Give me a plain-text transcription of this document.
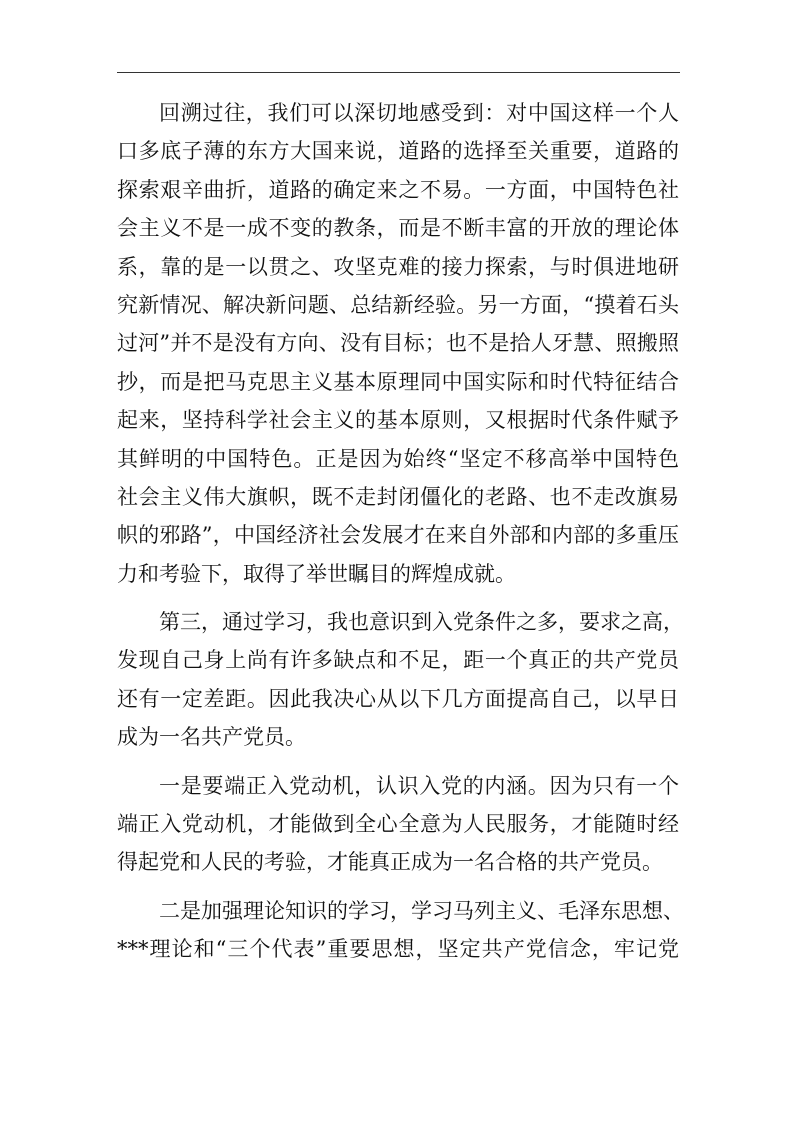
回溯过往，我们可以深切地感受到：对中国这样一个人
口多底子薄的东方大国来说，道路的选择至关重要，道路的
探索艰辛曲折，道路的确定来之不易。一方面，中国特色社
会主义不是一成不变的教条，而是不断丰富的开放的理论体
系，靠的是一以贯之、攻坚克难的接力探索，与时俱进地研
究新情况、解决新问题、总结新经验。另一方面，“摸着石头
过河”并不是没有方向、没有目标；也不是拾人牙慧、照搬照
抄，而是把马克思主义基本原理同中国实际和时代特征结合
起来，坚持科学社会主义的基本原则，又根据时代条件赋予
其鲜明的中国特色。正是因为始终“坚定不移高举中国特色
社会主义伟大旗帜，既不走封闭僵化的老路、也不走改旗易
帜的邪路”，中国经济社会发展才在来自外部和内部的多重压
力和考验下，取得了举世瞩目的辉煌成就。
第三，通过学习，我也意识到入党条件之多，要求之高，
发现自己身上尚有许多缺点和不足，距一个真正的共产党员
还有一定差距。因此我决心从以下几方面提高自己，以早日
成为一名共产党员。
一是要端正入党动机，认识入党的内涵。因为只有一个
端正入党动机，才能做到全心全意为人民服务，才能随时经
得起党和人民的考验，才能真正成为一名合格的共产党员。
二是加强理论知识的学习，学习马列主义、毛泽东思想、
***理论和“三个代表”重要思想，坚定共产党信念，牢记党
